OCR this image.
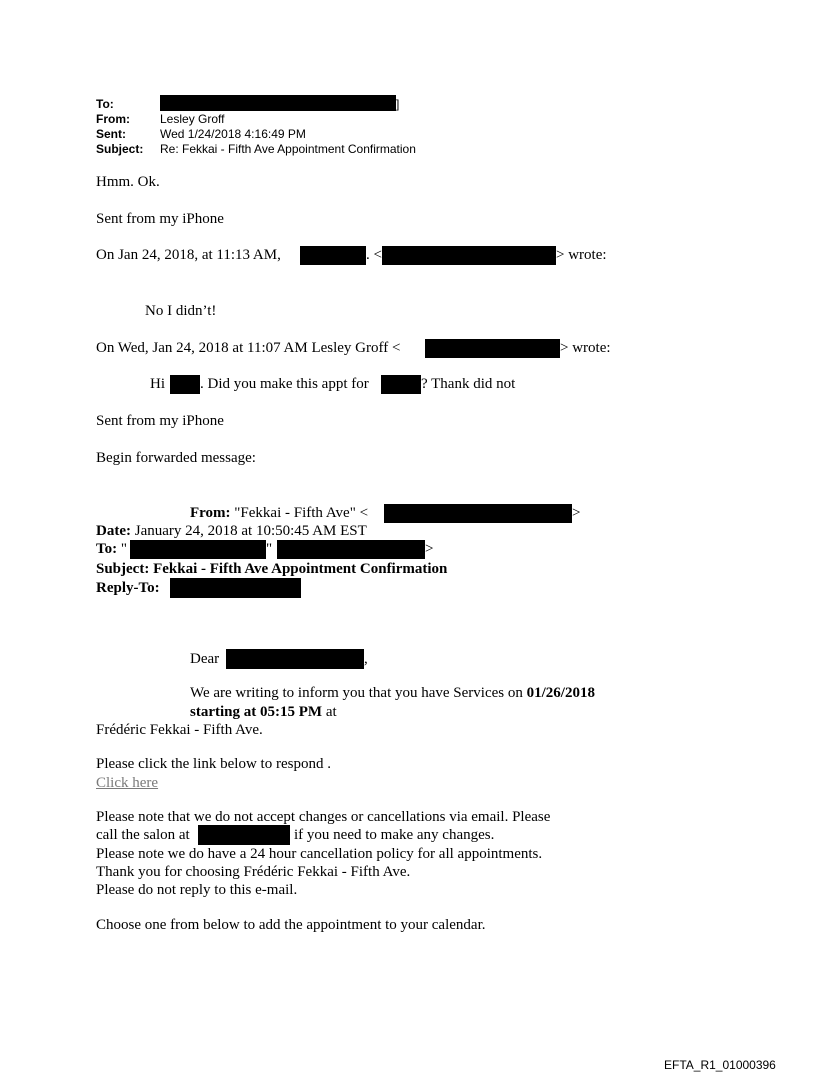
To:	]
From:	Lesley Groff
Sent:	Wed 1/24/2018 4:16:49 PM
Subject: Re: Fekkai - Fifth Ave Appointment Confirmation
Hmm. Ok.
Sent from my iPhone
On Jan 24, 2018, at 11:13 AM,	. <	> wrote:
No I didn’t!
On Wed, Jan 24, 2018 at 11:07 AM Lesley Groff <	> wrote:
Hi . Did you make this appt for	? Thank did not
Sent from my iPhone
Begin forwarded message:
From: "Fekkai - Fifth Ave" <	>
Date: January 24, 2018 at 10:50:45 AM EST
To: "	"	>
Subject: Fekkai - Fifth Ave Appointment Confirmation
Reply-To:
Dear	,
We are writing to inform you that you have Services on 01/26/2018
starting at 05:15 PM at
Frédéric Fekkai - Fifth Ave.
Please click the link below to respond .
Click here
Please note that we do not accept changes or cancellations via email. Please
call the salon at	if you need to make any changes.
Please note we do have a 24 hour cancellation policy for all appointments.
Thank you for choosing Frédéric Fekkai - Fifth Ave.
Please do not reply to this e-mail.
Choose one from below to add the appointment to your calendar.
EFTA_R1_01000396
